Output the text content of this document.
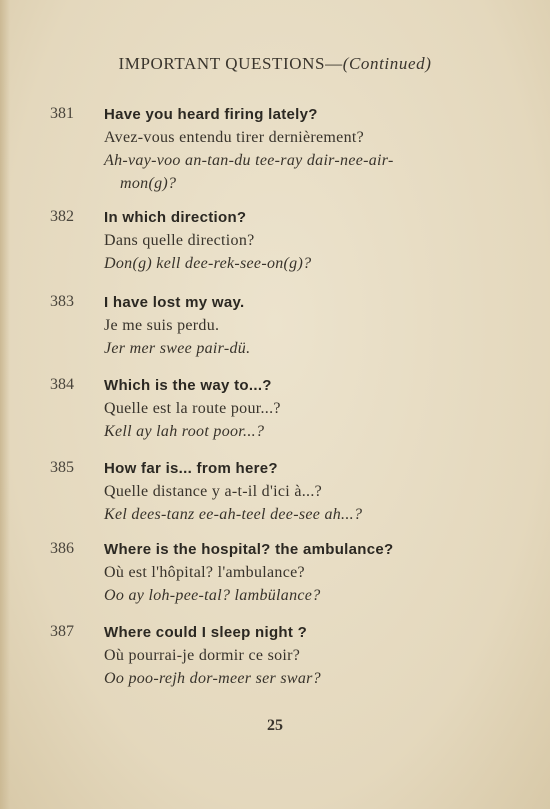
IMPORTANT QUESTIONS—(Continued)
381	Have you heard firing lately?
Avez-vous entendu tirer dernièrement?
Ah-vay-voo an-tan-du tee-ray dair-nee-air-
mon(g)?
382	In which direction?
Dans quelle direction?
Don(g) kell dee-rek-see-on(g)?
383	I have lost my way.
Je me suis perdu.
Jer mer swee pair-dü.
384	Which is the way to...?
Quelle est la route pour...?
Kell ay lah root poor...?
385	How far is... from here?
Quelle distance y a-t-il d'ici à...?
Kel dees-tanz ee-ah-teel dee-see ah...?
386	Where is the hospital? the ambulance?
Où est l'hôpital? l'ambulance?
Oo ay loh-pee-tal? lambülance?
387	Where could I sleep night ?
Où pourrai-je dormir ce soir?
Oo poo-rejh dor-meer ser swar?
25
